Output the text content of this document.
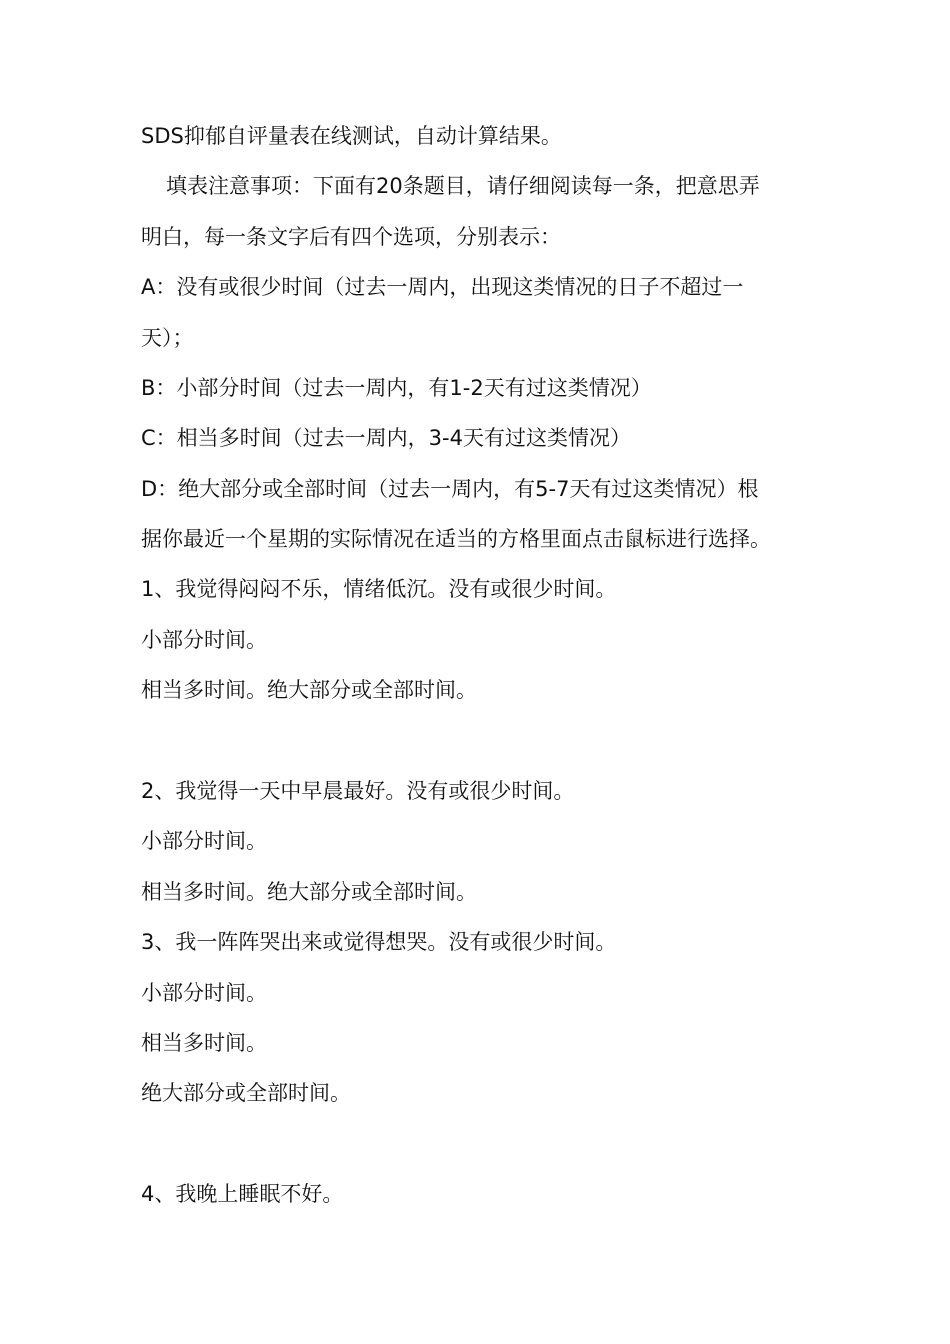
SDS抑郁自评量表在线测试，自动计算结果。
填表注意事项：下面有20条题目，请仔细阅读每一条，把意思弄
明白，每一条文字后有四个选项，分别表示：
A：没有或很少时间（过去一周内，出现这类情况的日子不超过一
天）；
B：小部分时间（过去一周内，有1-2天有过这类情况）
C：相当多时间（过去一周内，3-4天有过这类情况）
D：绝大部分或全部时间（过去一周内，有5-7天有过这类情况）根
据你最近一个星期的实际情况在适当的方格里面点击鼠标进行选择。
1、我觉得闷闷不乐，情绪低沉。没有或很少时间。
小部分时间。
相当多时间。绝大部分或全部时间。
2、我觉得一天中早晨最好。没有或很少时间。
小部分时间。
相当多时间。绝大部分或全部时间。
3、我一阵阵哭出来或觉得想哭。没有或很少时间。
小部分时间。
相当多时间。
绝大部分或全部时间。
4、我晚上睡眠不好。
